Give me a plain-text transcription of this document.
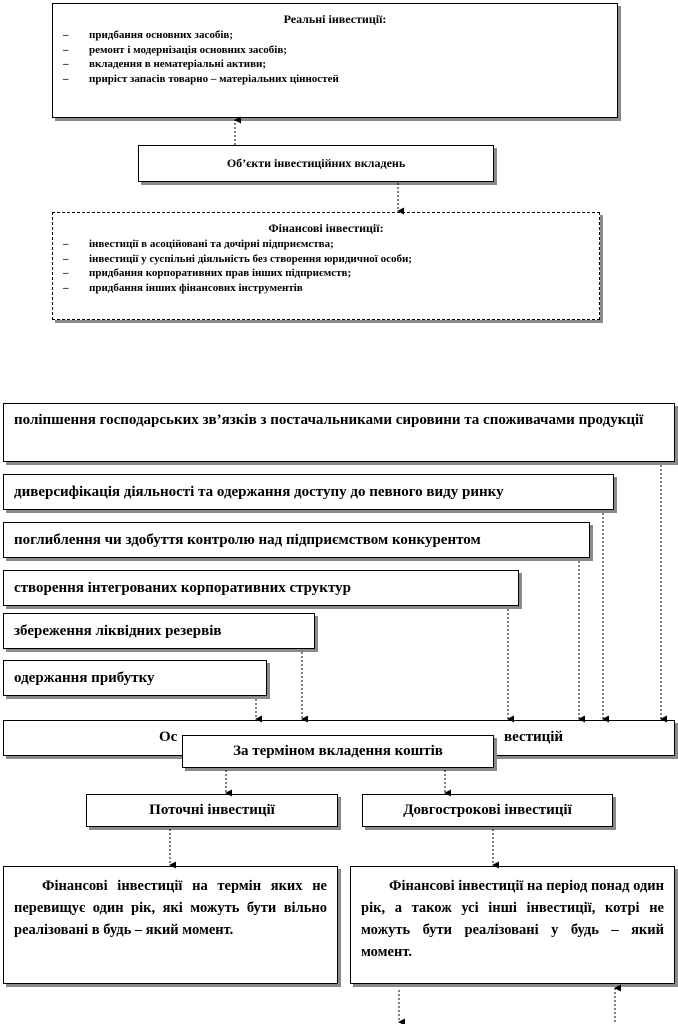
Реальні інвестиції:
– придбання основних засобів;
– ремонт і модернізація основних засобів;
– вкладення в нематеріальні активи;
– приріст запасів товарно – матеріальних цінностей
Об’єкти інвестиційних вкладень
Фінансові інвестиції:
– інвестиції в асоційовані та дочірні підприємства;
– інвестиції у суспільні діяльність без створення юридичної особи;
– придбання корпоративних прав інших підприємств;
– придбання інших фінансових інструментів
поліпшення господарських зв’язків з постачальниками сировини та споживачами продукції
диверсифікація діяльності та одержання доступу до певного виду ринку
поглиблення чи здобуття контролю над підприємством конкурентом
створення інтегрованих корпоративних структур
збереження ліквідних резервів
одержання прибутку
Ос	вестицій
За терміном вкладення коштів
Поточні інвестиції	Довгострокові інвестиції
Фінансові інвестиції на термін яких не перевищує один рік, які можуть бути вільно реалізовані в будь – який момент.
Фінансові інвестиції на період понад один рік, а також усі інші інвестиції, котрі не можуть бути реалізовані у будь – який момент.
